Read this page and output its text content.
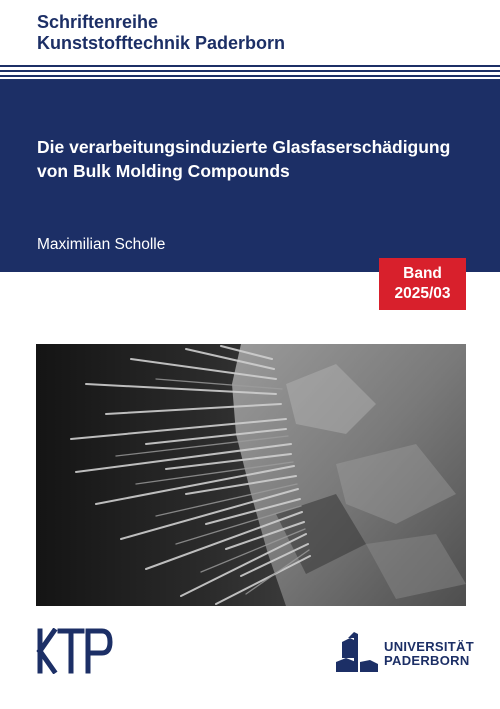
Schriftenreihe
Kunststofftechnik Paderborn
Die verarbeitungsinduzierte Glasfaserschädigung
von Bulk Molding Compounds
Maximilian Scholle
Band
2025/03
UNIVERSITÄT
PADERBORN
